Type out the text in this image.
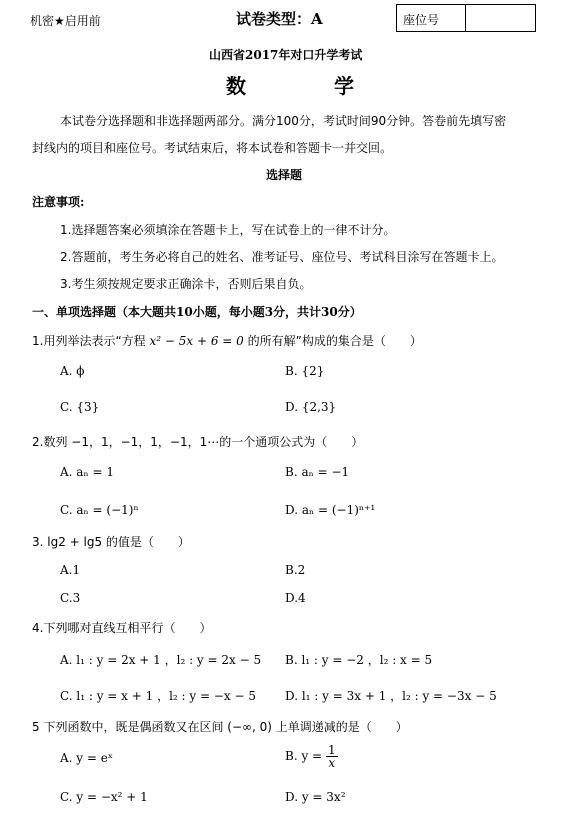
机密★启用前	试卷类型：A	座位号
山西省2017年对口升学考试
数　学
本试卷分选择题和非选择题两部分。满分100分，考试时间90分钟。答卷前先填写密
封线内的项目和座位号。考试结束后，将本试卷和答题卡一并交回。
选择题
注意事项:
1.选择题答案必须填涂在答题卡上，写在试卷上的一律不计分。
2.答题前，考生务必将自己的姓名、准考证号、座位号、考试科目涂写在答题卡上。
3.考生须按规定要求正确涂卡，否则后果自负。
一、单项选择题（本大题共10小题，每小题3分，共计30分）
1.用列举法表示“方程 x² − 5x + 6 = 0 的所有解”构成的集合是（　　）
A. ϕ	B. {2}
C. {3}	D. {2,3}
2.数列 −1，1，−1，1，−1，1⋯的一个通项公式为（　　）
A. aₙ = 1	B. aₙ = −1
C. aₙ = (−1)ⁿ	D. aₙ = (−1)ⁿ⁺¹
3. lg2 + lg5 的值是（　　）
A.1	B.2
C.3	D.4
4.下列哪对直线互相平行（　　）
A. l₁ : y = 2x + 1 ，l₂ : y = 2x − 5 B. l₁ : y = −2 ，l₂ : x = 5
C. l₁ : y = x + 1 ，l₂ : y = −x − 5 D. l₁ : y = 3x + 1 ，l₂ : y = −3x − 5
5 下列函数中，既是偶函数又在区间 (−∞, 0) 上单调递减的是（　　）
A. y = eˣ	B. $y = \frac{1}{x}$
C. y = −x² + 1	D. y = 3x²
